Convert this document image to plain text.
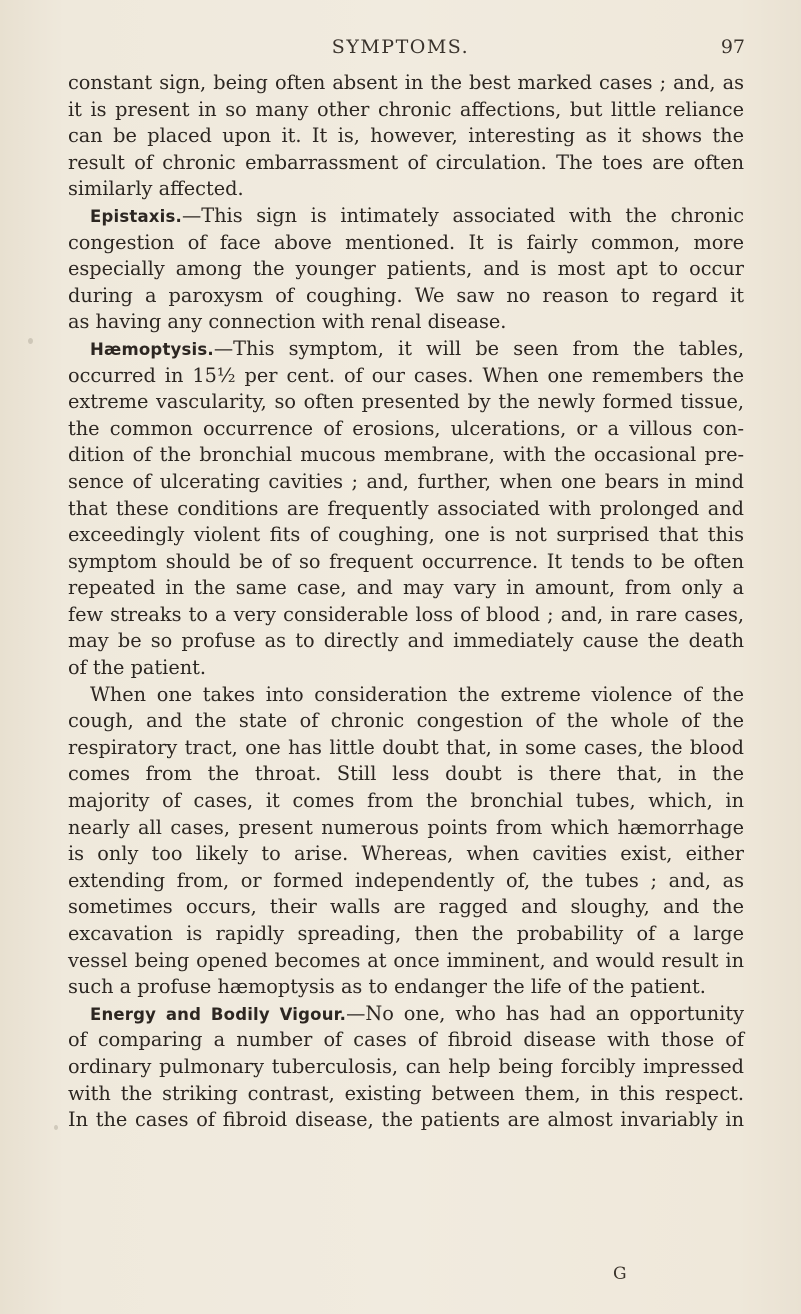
SYMPTOMS.	97
constant sign, being often absent in the best marked cases ; and, as
it is present in so many other chronic affections, but little reliance
can be placed upon it. It is, however, interesting as it shows the
result of chronic embarrassment of circulation. The toes are often
similarly affected.
Epistaxis.—This sign is intimately associated with the chronic
congestion of face above mentioned. It is fairly common, more
especially among the younger patients, and is most apt to occur
during a paroxysm of coughing. We saw no reason to regard it
as having any connection with renal disease.
Hæmoptysis.—This symptom, it will be seen from the tables,
occurred in 15½ per cent. of our cases. When one remembers the
extreme vascularity, so often presented by the newly formed tissue,
the common occurrence of erosions, ulcerations, or a villous con-
dition of the bronchial mucous membrane, with the occasional pre-
sence of ulcerating cavities ; and, further, when one bears in mind
that these conditions are frequently associated with prolonged and
exceedingly violent fits of coughing, one is not surprised that this
symptom should be of so frequent occurrence. It tends to be often
repeated in the same case, and may vary in amount, from only a
few streaks to a very considerable loss of blood ; and, in rare cases,
may be so profuse as to directly and immediately cause the death
of the patient.
When one takes into consideration the extreme violence of the
cough, and the state of chronic congestion of the whole of the
respiratory tract, one has little doubt that, in some cases, the blood
comes from the throat. Still less doubt is there that, in the
majority of cases, it comes from the bronchial tubes, which, in
nearly all cases, present numerous points from which hæmorrhage
is only too likely to arise. Whereas, when cavities exist, either
extending from, or formed independently of, the tubes ; and, as
sometimes occurs, their walls are ragged and sloughy, and the
excavation is rapidly spreading, then the probability of a large
vessel being opened becomes at once imminent, and would result in
such a profuse hæmoptysis as to endanger the life of the patient.
Energy and Bodily Vigour.—No one, who has had an opportunity
of comparing a number of cases of fibroid disease with those of
ordinary pulmonary tuberculosis, can help being forcibly impressed
with the striking contrast, existing between them, in this respect.
In the cases of fibroid disease, the patients are almost invariably in
G
